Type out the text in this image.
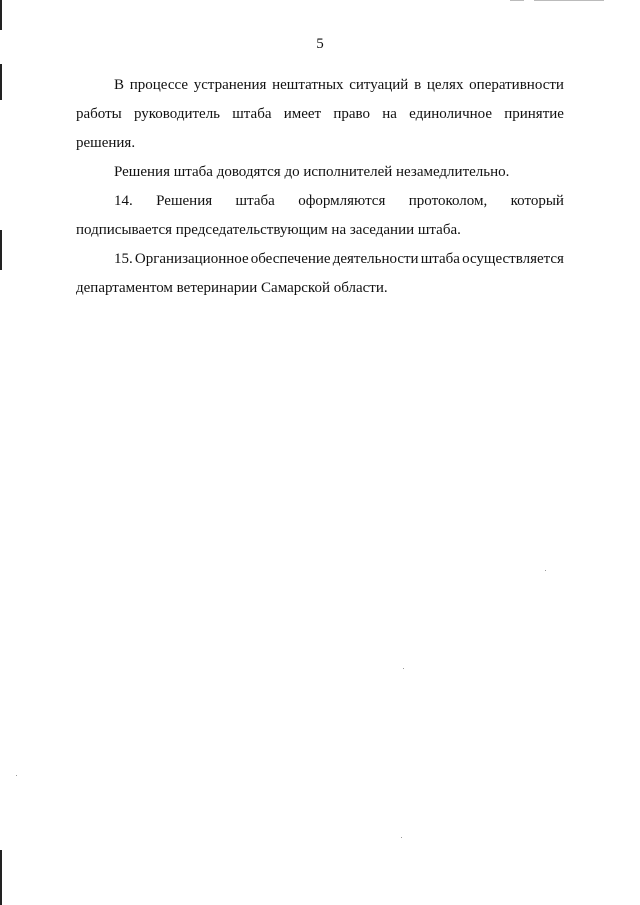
5
В процессе устранения нештатных ситуаций в целях оперативности
работы руководитель штаба имеет право на единоличное принятие
решения.
Решения штаба доводятся до исполнителей незамедлительно.
14. Решения штаба оформляются протоколом, который
подписывается председательствующим на заседании штаба.
15. Организационное обеспечение деятельности штаба осуществляется
департаментом ветеринарии Самарской области.
